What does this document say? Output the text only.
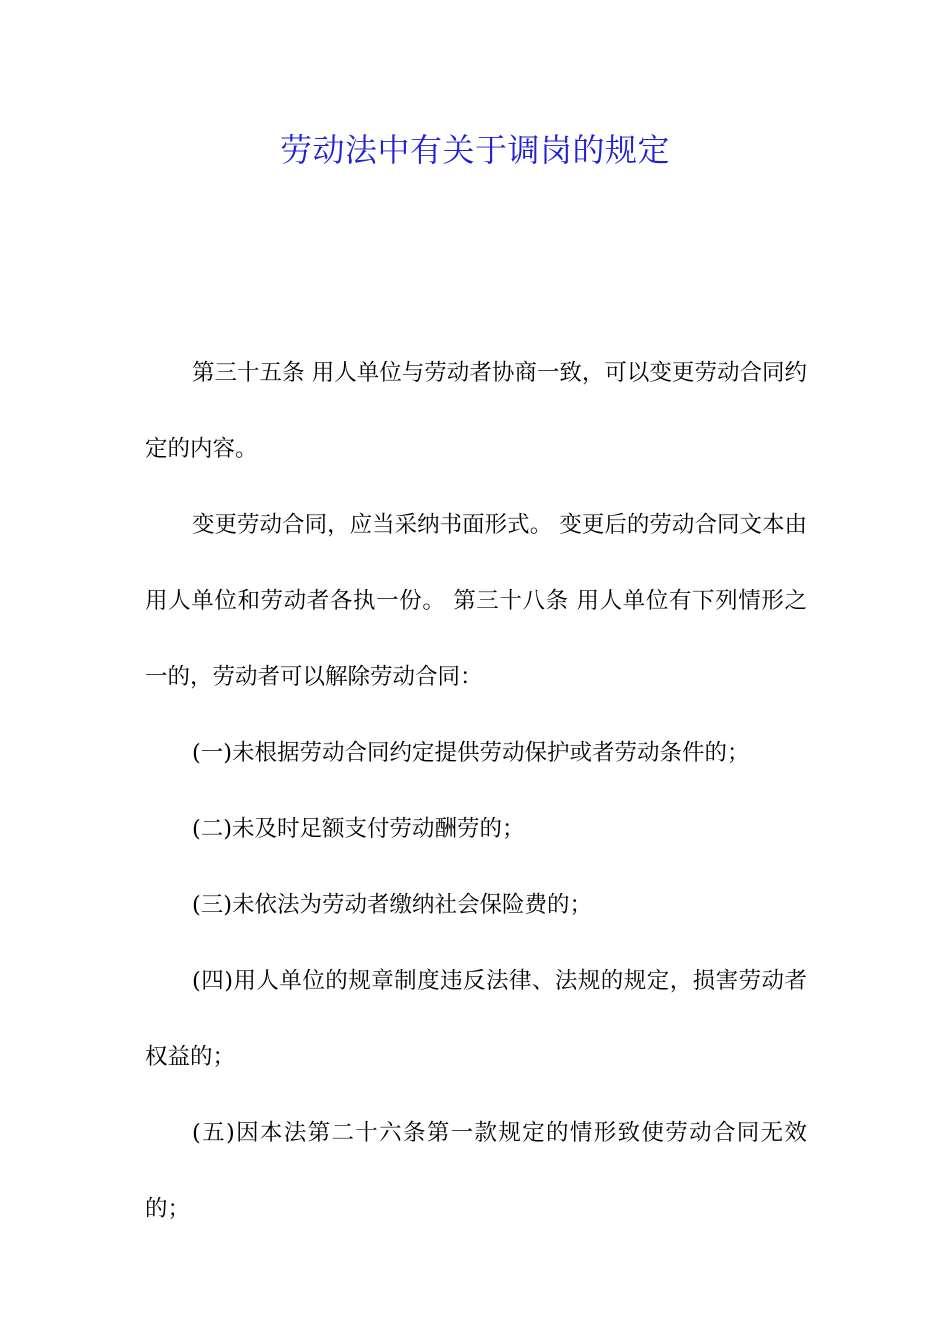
劳动法中有关于调岗的规定

第三十五条 用人单位与劳动者协商一致，可以变更劳动合同约定的内容。

变更劳动合同，应当采纳书面形式。 变更后的劳动合同文本由用人单位和劳动者各执一份。 第三十八条 用人单位有下列情形之一的，劳动者可以解除劳动合同：

(一)未根据劳动合同约定提供劳动保护或者劳动条件的；

(二)未及时足额支付劳动酬劳的；

(三)未依法为劳动者缴纳社会保险费的；

(四)用人单位的规章制度违反法律、法规的规定，损害劳动者权益的；

(五)因本法第二十六条第一款规定的情形致使劳动合同无效的；
